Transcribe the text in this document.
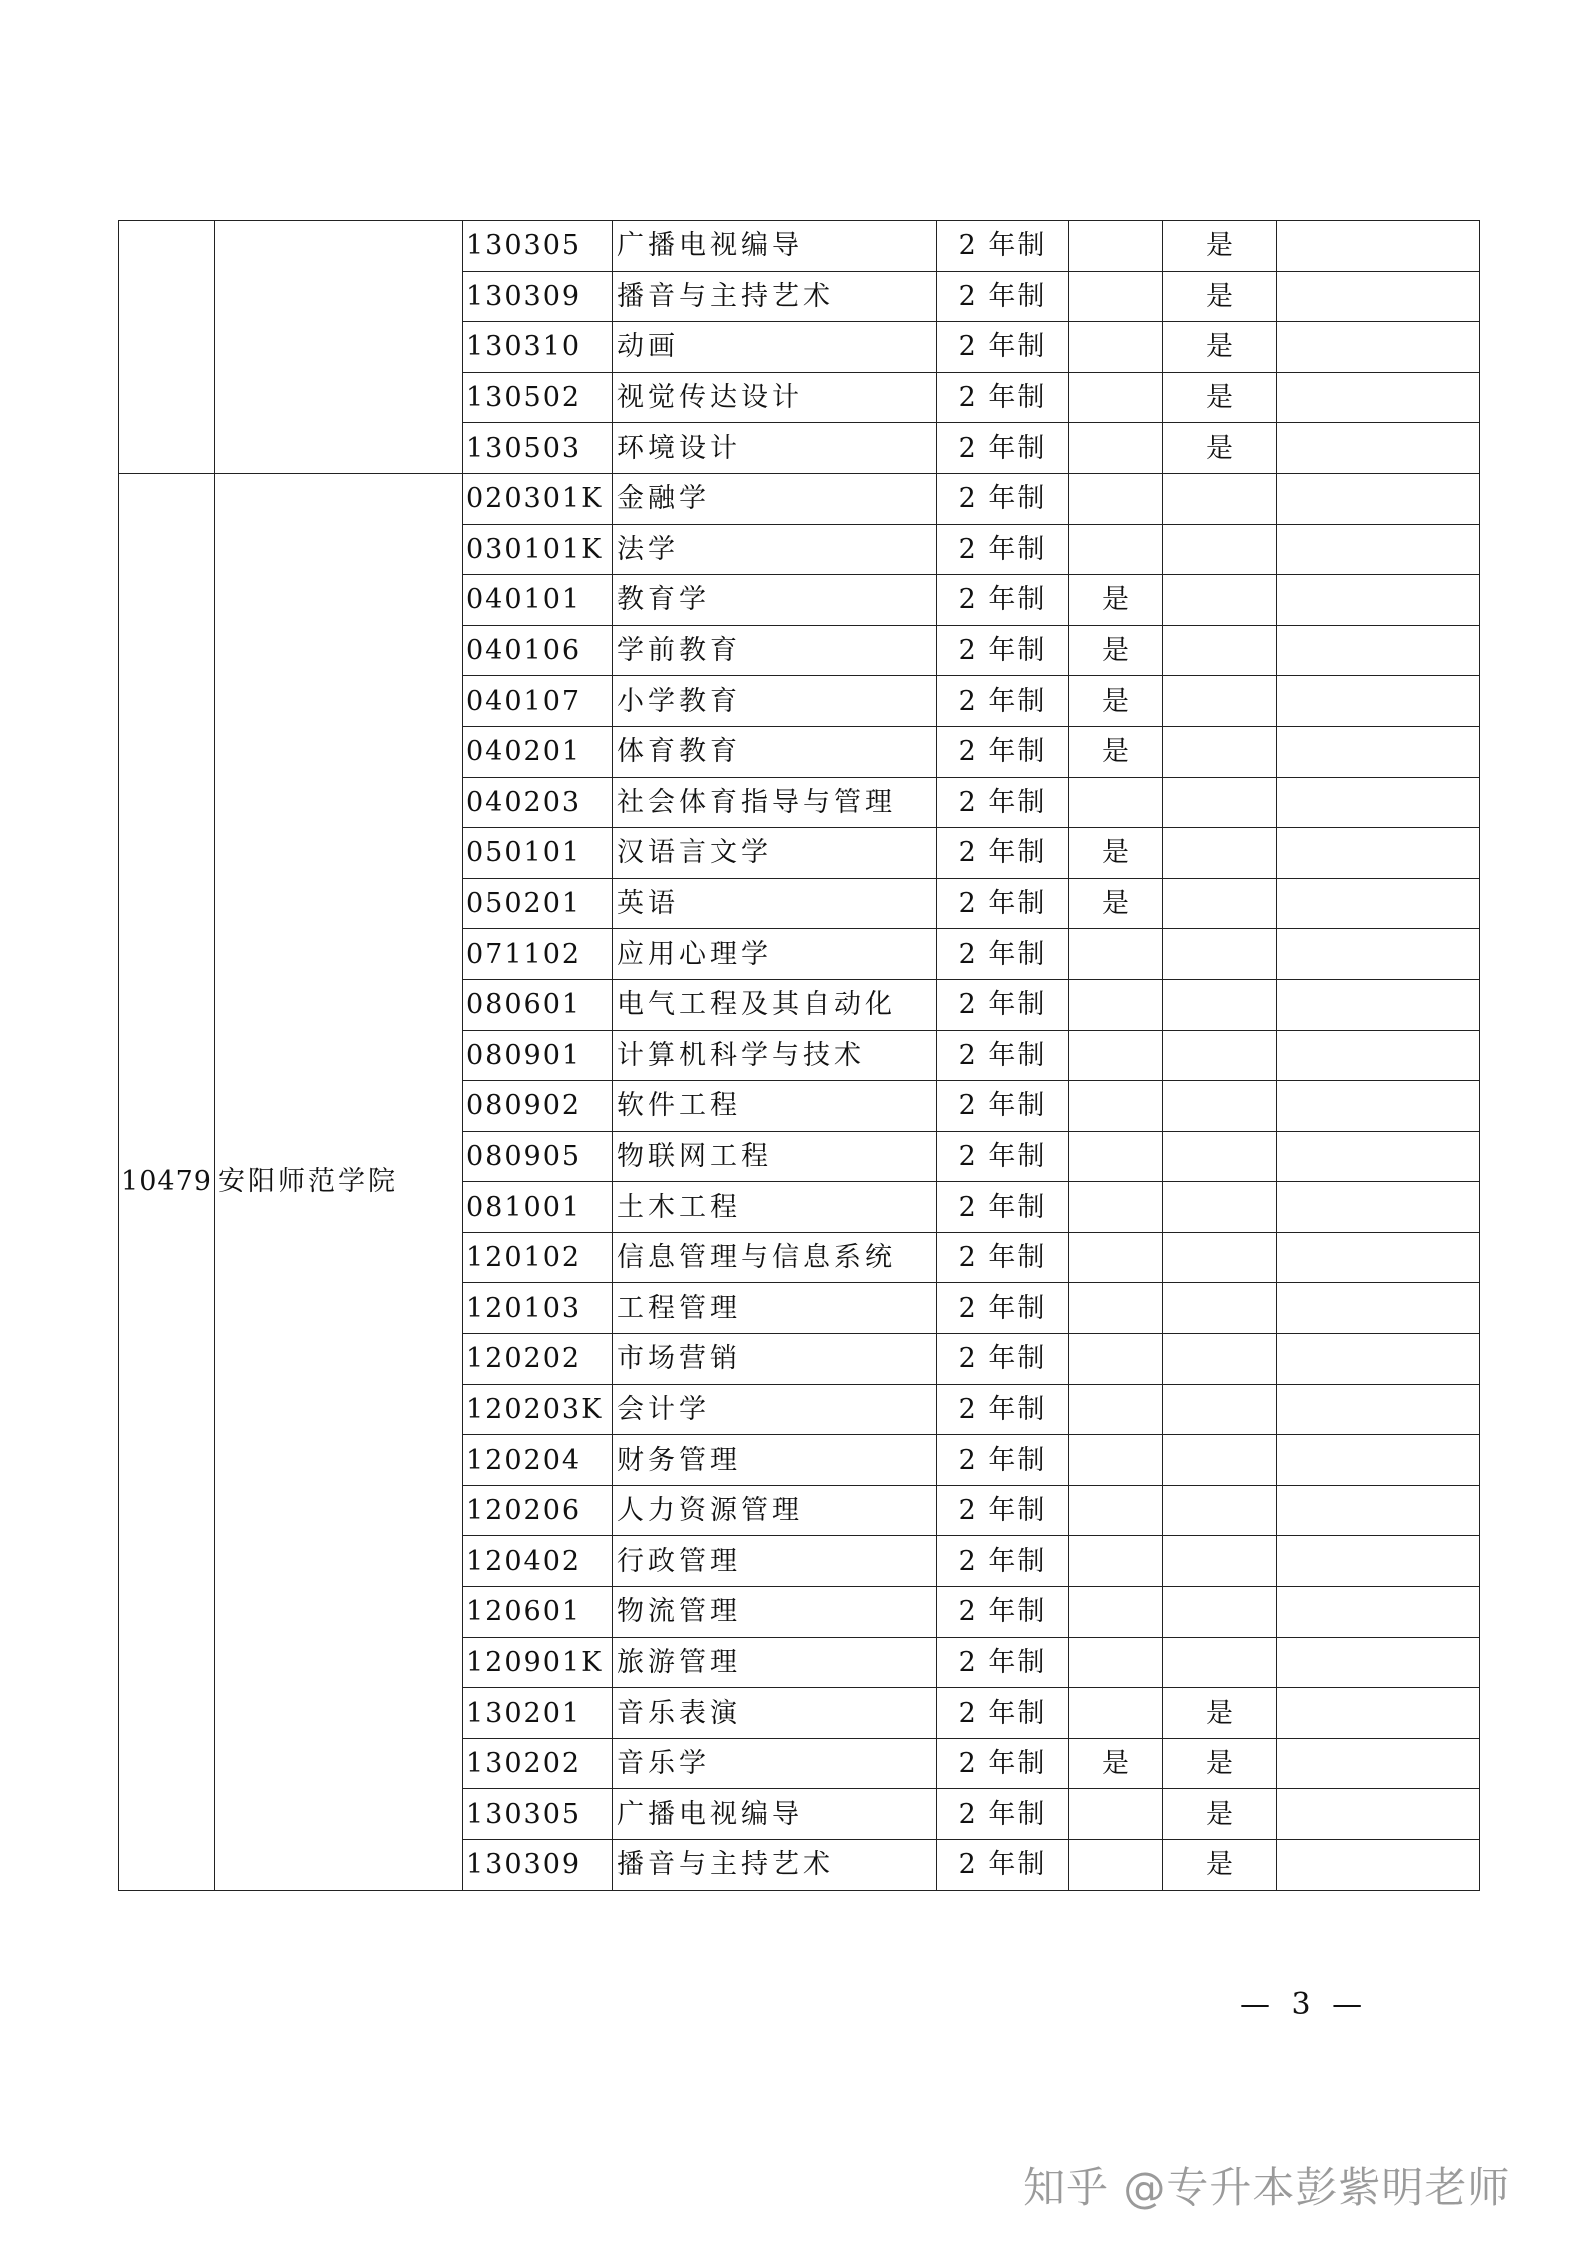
		130305	广播电视编导	2 年制		是	
		130309	播音与主持艺术	2 年制		是	
		130310	动画	2 年制		是	
		130502	视觉传达设计	2 年制		是	
		130503	环境设计	2 年制		是	
10479	安阳师范学院	020301K	金融学	2 年制			
		030101K	法学	2 年制			
		040101	教育学	2 年制	是		
		040106	学前教育	2 年制	是		
		040107	小学教育	2 年制	是		
		040201	体育教育	2 年制	是		
		040203	社会体育指导与管理	2 年制			
		050101	汉语言文学	2 年制	是		
		050201	英语	2 年制	是		
		071102	应用心理学	2 年制			
		080601	电气工程及其自动化	2 年制			
		080901	计算机科学与技术	2 年制			
		080902	软件工程	2 年制			
		080905	物联网工程	2 年制			
		081001	土木工程	2 年制			
		120102	信息管理与信息系统	2 年制			
		120103	工程管理	2 年制			
		120202	市场营销	2 年制			
		120203K	会计学	2 年制			
		120204	财务管理	2 年制			
		120206	人力资源管理	2 年制			
		120402	行政管理	2 年制			
		120601	物流管理	2 年制			
		120901K	旅游管理	2 年制			
		130201	音乐表演	2 年制		是	
		130202	音乐学	2 年制	是	是	
		130305	广播电视编导	2 年制		是	
		130309	播音与主持艺术	2 年制		是	
— 3 —
知乎 @专升本彭紫明老师
